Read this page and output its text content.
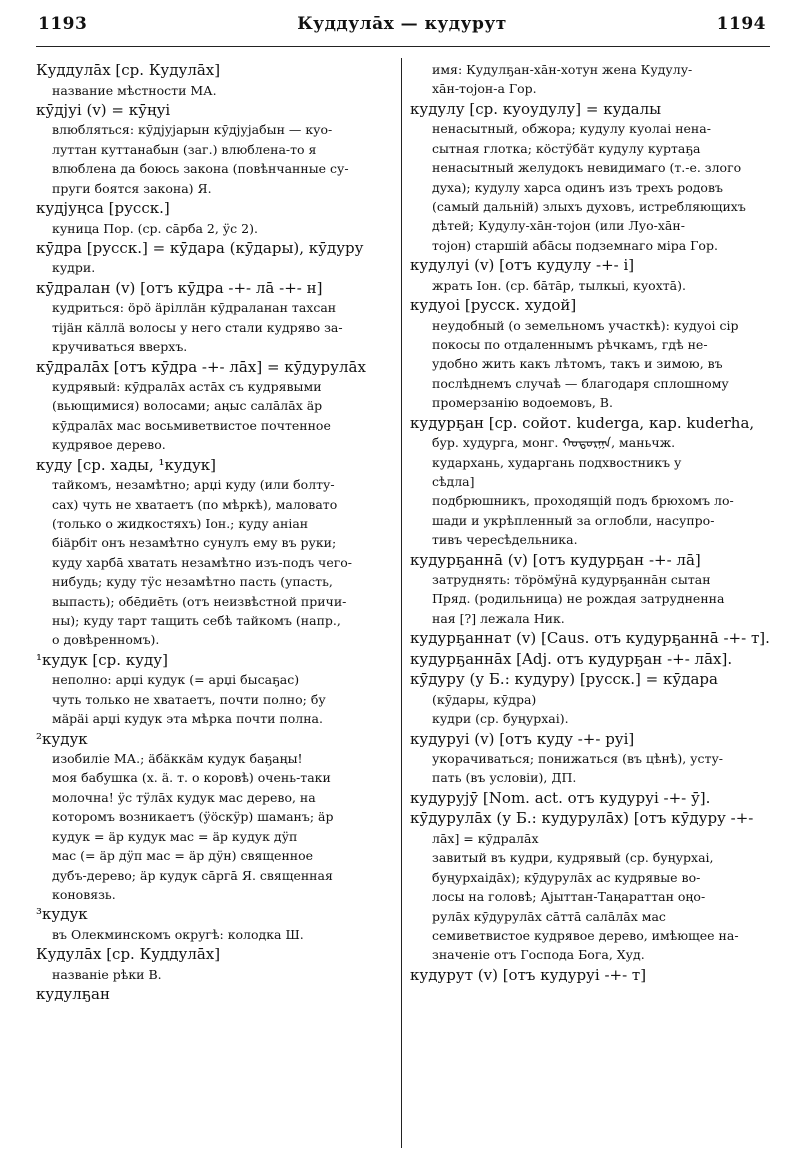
1193	Куддулāх — кудурут	1194
Куддулāх [ср. Кудулāх]
название мѣстности МА.
кӯдjуі (v) = кӯңуі
влюбляться: кӯдjуjарын кӯдjуjабын — куо-
луттан куттанабын (заг.) влюблена-то я
влюблена да боюсь закона (повѣнчанные су-
пруги боятся закона) Я.
кудjуңса [русск.]
куница Пор. (ср. сāрба 2, ӱс 2).
кӯдра [русск.] = кӯдара (кӯдары), кӯдуру
кудри.
кӯдралан (v) [отъ кӯдра -+- лā -+- н]
кудриться: öрö äріллäн кӯдраланан тахсан
тіjäн кäллä волосы у него стали кудряво за-
кручиваться вверхъ.
кӯдралāх [отъ кӯдра -+- лāх] = кӯдурулāх
кудрявый: кӯдралāх астāх съ кудрявыми
(вьющимися) волосами; аңыс салāлāх äр
кӯдралāх мас восьмиветвистое почтенное
кудрявое дерево.
куду [ср. хады, ¹кудук]
тайкомъ, незамѣтно; арџі куду (или болту-
сах) чуть не хватаетъ (по мѣркѣ), маловато
(только о жидкостяхъ) Іон.; куду аніан
біäрбіт онъ незамѣтно сунулъ ему въ руки;
куду харбā хватать незамѣтно изъ-подъ чего-
нибудь; куду тӱс незамѣтно пасть (упасть,
выпасть); обēдиēть (отъ неизвѣстной причи-
ны); куду тарт тащить себѣ тайкомъ (напр.,
о довѣренномъ).
¹кудук [ср. куду]
неполно: арџі кудук (= арџі бысаҕас)
чуть только не хватаетъ, почти полно; бу
мäрäі арџі кудук эта мѣрка почти полна.
²кудук
изобиліе МА.; äбäккäм кудук баҕаңы!
моя бабушка (х. ä. т. о коровѣ) очень-таки
молочна! ӱс тӱлāх кудук мас дерево, на
которомъ возникаетъ (ӱöскӱр) шаманъ; äр
кудук = äр кудук мас = äр кудук дӱп
мас (= äр дӱп мас = äр дӱн) священное
дубъ-дерево; äр кудук сāргā Я. священная
коновязь.
³кудук
въ Олекминскомъ округѣ: колодка Ш.
Кудулāх [ср. Куддулāх]
названіе рѣки В.
кудулҕан
имя: Кудулҕан-хāн-хотун жена Кудулу-
хāн-тоjон-а Гор.
кудулу [ср. куоудулу] = кудалы
ненасытный, обжора; кудулу куолаі нена-
сытная глотка; кöстӱбäт кудулу куртаҕа
ненасытный желудокъ невидимаго (т.-е. злого
духа); кудулу харса одинъ изъ трехъ родовъ
(самый дальній) злыхъ духовъ, истребляющихъ
дѣтей; Кудулу-хāн-тоjон (или Луо-хāн-
тоjон) старшій абāсы подземнаго міра Гор.
кудулуі (v) [отъ кудулу -+- і]
жрать Іон. (ср. бāтāр, тылкыі, куохтā).
кудуоі [русск. худой]
неудобный (о земельномъ участкѣ): кудуоі сір
покосы по отдаленнымъ рѣчкамъ, гдѣ не-
удобно жить какъ лѣтомъ, такъ и зимою, въ
послѣднемъ случаѣ — благодаря сплошному
промерзанію водоемовъ, В.
кудурҕан [ср. сойот. kuderga, кар. kuderha,
бур. худурга, монг. ᠬᠤᠳᠤᠷᠭᠠ, маньчж.
кудархань, хударгань подхвостникъ у
сѣдла]
подбрюшникъ, проходящій подъ брюхомъ ло-
шади и укрѣпленный за оглобли, насупро-
тивъ чересѣдельника.
кудурҕаннā (v) [отъ кудурҕан -+- лā]
затруднять: тöрöмӱнā кудурҕаннāн сытан
Пряд. (родильница) не рождая затрудненна
ная [?] лежала Ник.
кудурҕаннат (v) [Caus. отъ кудурҕаннā -+- т].
кудурҕаннāх [Adj. отъ кудурҕан -+- лāх].
кӯдуру (у Б.: кудуру) [русск.] = кӯдара
(кӯдары, кӯдра)
кудри (ср. буңурхаі).
кудуруі (v) [отъ куду -+- руі]
укорачиваться; понижаться (въ цѣнѣ), усту-
пать (въ условіи), ДП.
кудуруjӯ [Nom. act. отъ кудуруі -+- ӯ].
кӯдурулāх (у Б.: кудурулāх) [отъ кӯдуру -+-
лāх] = кӯдралāх
завитый въ кудри, кудрявый (ср. буңурхаі,
буңурхаідāх); кӯдурулāх ас кудрявые во-
лосы на головѣ; Аjыттан-Таңараттан оңо-
рулāх кӯдурулāх сāттā салāлāх мас
семиветвистое кудрявое дерево, имѣющее на-
значеніе отъ Господа Бога, Худ.
кудурут (v) [отъ кудуруі -+- т]
